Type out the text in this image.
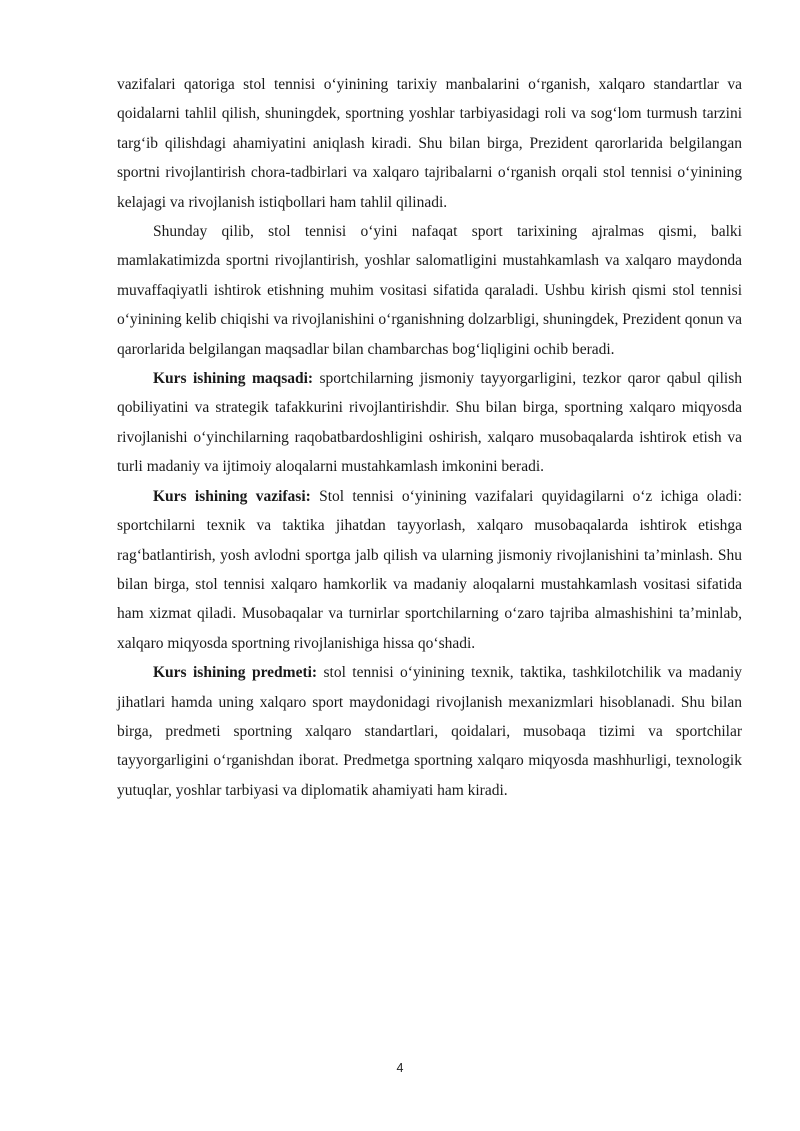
vazifalari qatoriga stol tennisi o‘yinining tarixiy manbalarini o‘rganish, xalqaro standartlar va qoidalarni tahlil qilish, shuningdek, sportning yoshlar tarbiyasidagi roli va sog‘lom turmush tarzini targ‘ib qilishdagi ahamiyatini aniqlash kiradi. Shu bilan birga, Prezident qarorlarida belgilangan sportni rivojlantirish chora-tadbirlari va xalqaro tajribalarni o‘rganish orqali stol tennisi o‘yinining kelajagi va rivojlanish istiqbollari ham tahlil qilinadi.

Shunday qilib, stol tennisi o‘yini nafaqat sport tarixining ajralmas qismi, balki mamlakatimizda sportni rivojlantirish, yoshlar salomatligini mustahkamlash va xalqaro maydonda muvaffaqiyatli ishtirok etishning muhim vositasi sifatida qaraladi. Ushbu kirish qismi stol tennisi o‘yinining kelib chiqishi va rivojlanishini o‘rganishning dolzarbligi, shuningdek, Prezident qonun va qarorlarida belgilangan maqsadlar bilan chambarchas bog‘liqligini ochib beradi.

Kurs ishining maqsadi: sportchilarning jismoniy tayyorgarligini, tezkor qaror qabul qilish qobiliyatini va strategik tafakkurini rivojlantirishdir. Shu bilan birga, sportning xalqaro miqyosda rivojlanishi o‘yinchilarning raqobatbardoshligini oshirish, xalqaro musobaqalarda ishtirok etish va turli madaniy va ijtimoiy aloqalarni mustahkamlash imkonini beradi.

Kurs ishining vazifasi: Stol tennisi o‘yinining vazifalari quyidagilarni o‘z ichiga oladi: sportchilarni texnik va taktika jihatdan tayyorlash, xalqaro musobaqalarda ishtirok etishga rag‘batlantirish, yosh avlodni sportga jalb qilish va ularning jismoniy rivojlanishini ta’minlash. Shu bilan birga, stol tennisi xalqaro hamkorlik va madaniy aloqalarni mustahkamlash vositasi sifatida ham xizmat qiladi. Musobaqalar va turnirlar sportchilarning o‘zaro tajriba almashishini ta’minlab, xalqaro miqyosda sportning rivojlanishiga hissa qo‘shadi.

Kurs ishining predmeti: stol tennisi o‘yinining texnik, taktika, tashkilotchilik va madaniy jihatlari hamda uning xalqaro sport maydonidagi rivojlanish mexanizmlari hisoblanadi. Shu bilan birga, predmeti sportning xalqaro standartlari, qoidalari, musobaqa tizimi va sportchilar tayyorgarligini o‘rganishdan iborat. Predmetga sportning xalqaro miqyosda mashhurligi, texnologik yutuqlar, yoshlar tarbiyasi va diplomatik ahamiyati ham kiradi.

4
